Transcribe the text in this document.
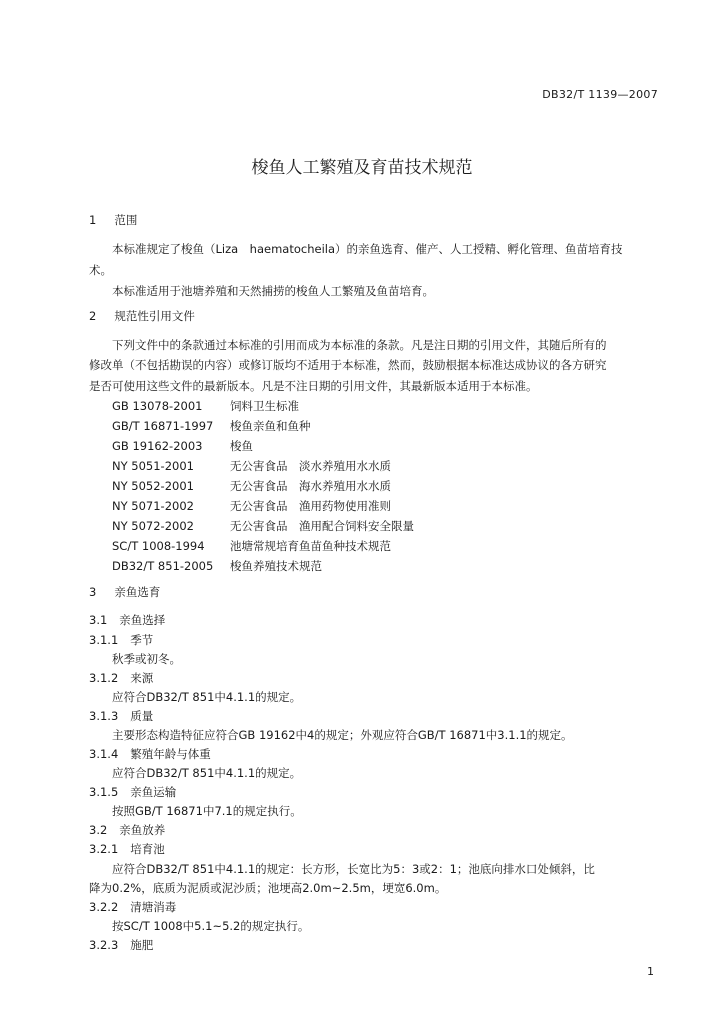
DB32/T 1139—2007
梭鱼人工繁殖及育苗技术规范
1 范围
本标准规定了梭鱼（Liza　haematocheila）的亲鱼选育、催产、人工授精、孵化管理、鱼苗培育技
术。
本标准适用于池塘养殖和天然捕捞的梭鱼人工繁殖及鱼苗培育。
2 规范性引用文件
下列文件中的条款通过本标准的引用而成为本标准的条款。凡是注日期的引用文件，其随后所有的
修改单（不包括勘误的内容）或修订版均不适用于本标准，然而，鼓励根据本标准达成协议的各方研究
是否可使用这些文件的最新版本。凡是不注日期的引用文件，其最新版本适用于本标准。
GB 13078-2001 饲料卫生标准
GB/T 16871-1997 梭鱼亲鱼和鱼种
GB 19162-2003 梭鱼
NY 5051-2001	无公害食品　淡水养殖用水水质
NY 5052-2001	无公害食品　海水养殖用水水质
NY 5071-2002	无公害食品　渔用药物使用准则
NY 5072-2002	无公害食品　渔用配合饲料安全限量
SC/T 1008-1994 池塘常规培育鱼苗鱼种技术规范
DB32/T 851-2005 梭鱼养殖技术规范
3 亲鱼选育
3.1 亲鱼选择
3.1.1 季节
秋季或初冬。
3.1.2 来源
应符合DB32/T 851中4.1.1的规定。
3.1.3 质量
主要形态构造特征应符合GB 19162中4的规定；外观应符合GB/T 16871中3.1.1的规定。
3.1.4 繁殖年龄与体重
应符合DB32/T 851中4.1.1的规定。
3.1.5 亲鱼运输
按照GB/T 16871中7.1的规定执行。
3.2 亲鱼放养
3.2.1 培育池
应符合DB32/T 851中4.1.1的规定：长方形，长宽比为5：3或2：1；池底向排水口处倾斜，比
降为0.2%，底质为泥质或泥沙质；池埂高2.0m~2.5m，埂宽6.0m。
3.2.2 清塘消毒
按SC/T 1008中5.1~5.2的规定执行。
3.2.3 施肥
1
